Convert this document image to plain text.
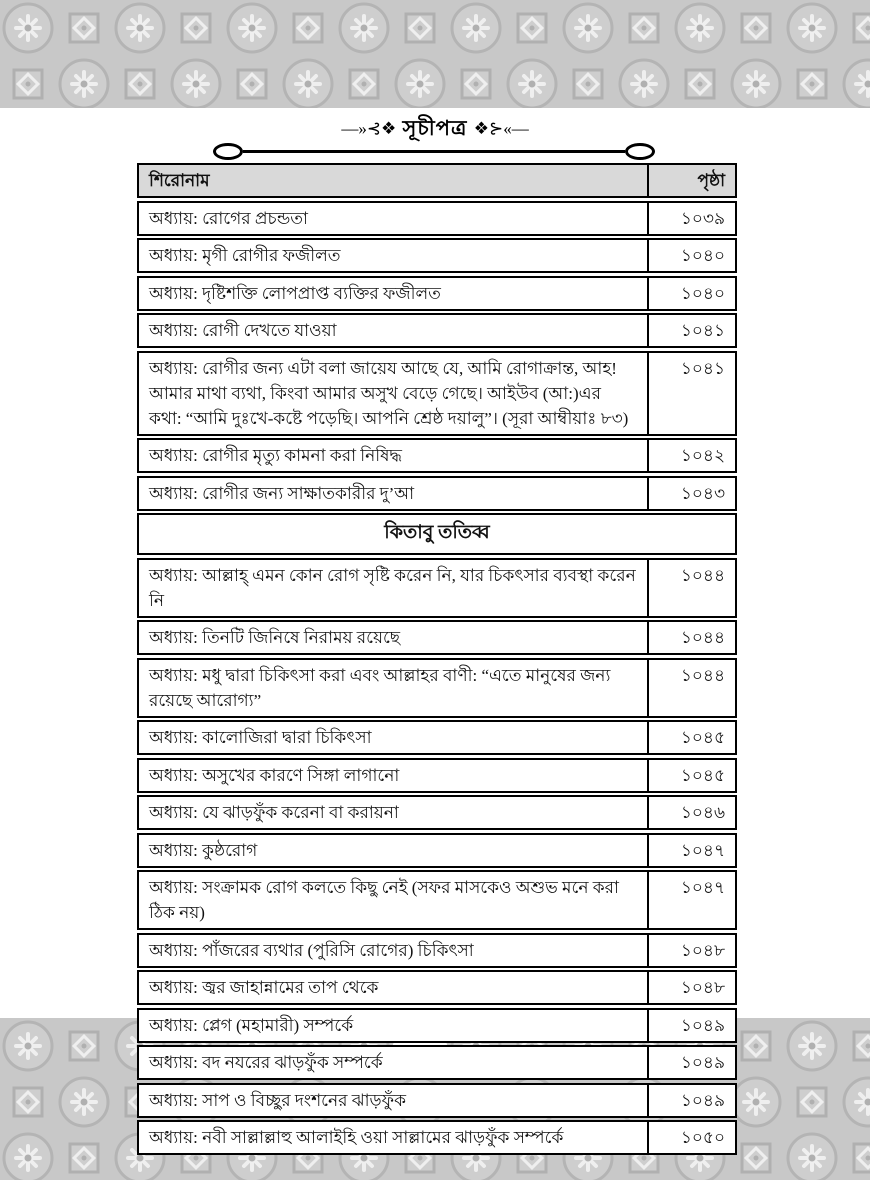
—»⊰❖ সূচীপত্র ❖⊱«—
শিরোনাম	পৃষ্ঠা
অধ্যায়: রোগের প্রচন্ডতা	১০৩৯
অধ্যায়: মৃগী রোগীর ফজীলত	১০৪০
অধ্যায়: দৃষ্টিশক্তি লোপপ্রাপ্ত ব্যক্তির ফজীলত	১০৪০
অধ্যায়: রোগী দেখতে যাওয়া	১০৪১
অধ্যায়: রোগীর জন্য এটা বলা জায়েয আছে যে, আমি রোগাক্রান্ত, আহ! আমার মাথা ব্যথা, কিংবা আমার অসুখ বেড়ে গেছে। আইউব (আ:)এর কথা: “আমি দুঃখে-কষ্টে পড়েছি। আপনি শ্রেষ্ঠ দয়ালু”। (সূরা আম্বীয়াঃ ৮৩)
১০৪১
অধ্যায়: রোগীর মৃত্যু কামনা করা নিষিদ্ধ	১০৪২
অধ্যায়: রোগীর জন্য সাক্ষাতকারীর দু’আ	১০৪৩
কিতাবু ততিব্ব
অধ্যায়: আল্লাহ্ এমন কোন রোগ সৃষ্টি করেন নি, যার চিকৎসার ব্যবস্থা করেন নি
১০৪৪
অধ্যায়: তিনটি জিনিষে নিরাময় রয়েছে	১০৪৪
অধ্যায়: মধু দ্বারা চিকিৎসা করা এবং আল্লাহর বাণী: “এতে মানুষের জন্য রয়েছে আরোগ্য”
১০৪৪
অধ্যায়: কালোজিরা দ্বারা চিকিৎসা	১০৪৫
অধ্যায়: অসুখের কারণে সিঙ্গা লাগানো	১০৪৫
অধ্যায়: যে ঝাড়ফুঁক করেনা বা করায়না	১০৪৬
অধ্যায়: কুষ্ঠরোগ	১০৪৭
অধ্যায়: সংক্রামক রোগ কলতে কিছু নেই (সফর মাসকেও অশুভ মনে করা ঠিক নয়)
১০৪৭
অধ্যায়: পাঁজরের ব্যথার (পুরিসি রোগের) চিকিৎসা	১০৪৮
অধ্যায়: জ্বর জাহান্নামের তাপ থেকে	১০৪৮
অধ্যায়: প্লেগ (মহামারী) সম্পর্কে	১০৪৯
অধ্যায়: বদ নযরের ঝাড়ফুঁক সম্পর্কে	১০৪৯
অধ্যায়: সাপ ও বিচ্ছুর দংশনের ঝাড়ফুঁক	১০৪৯
অধ্যায়: নবী সাল্লাল্লাহু আলাইহি ওয়া সাল্লামের ঝাড়ফুঁক সম্পর্কে	১০৫০
